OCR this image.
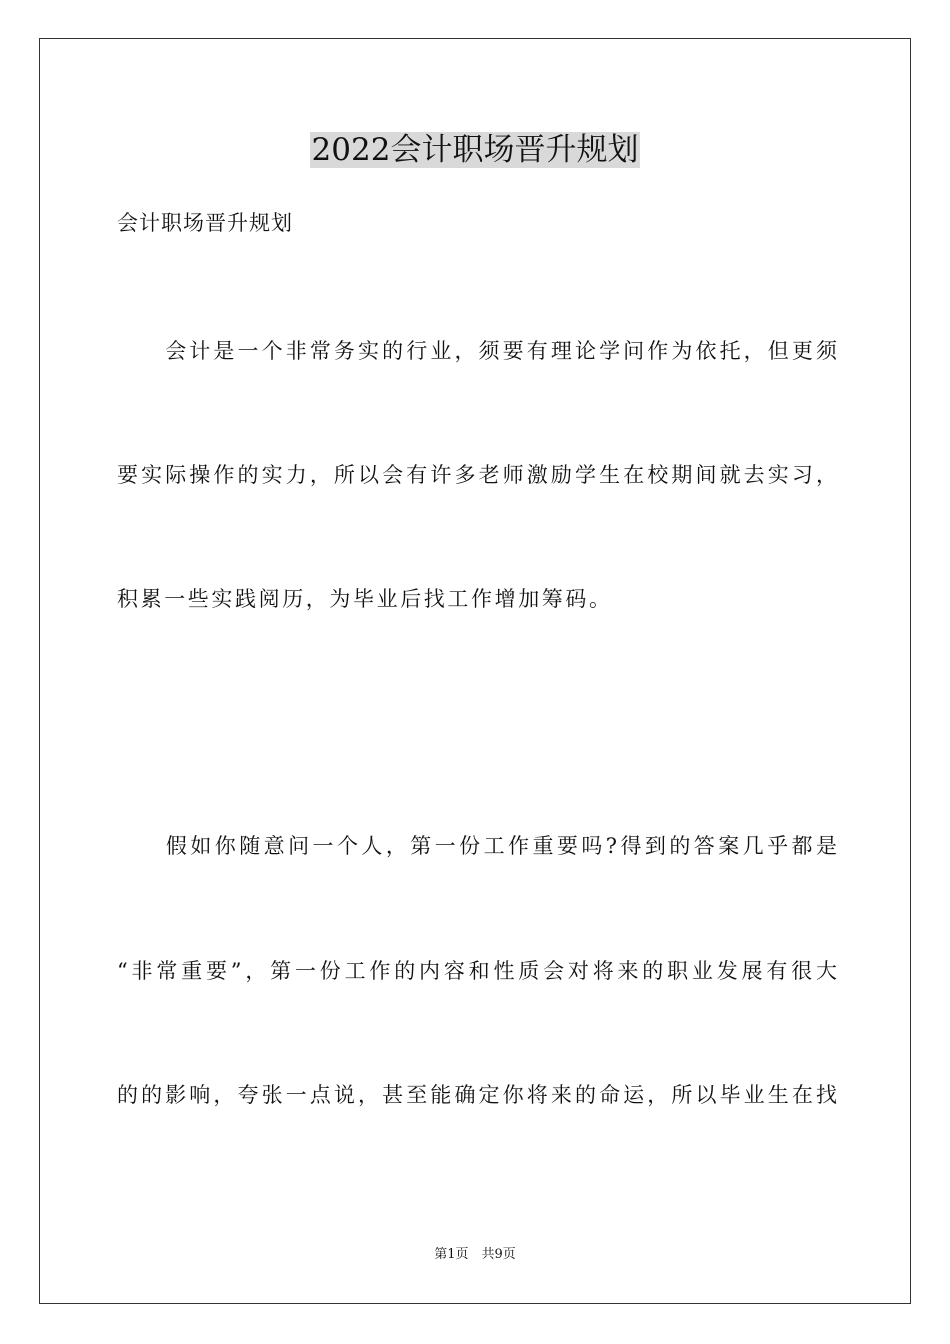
2022会计职场晋升规划

会计职场晋升规划

　　会计是一个非常务实的行业，须要有理论学问作为依托，但更须

要实际操作的实力，所以会有许多老师激励学生在校期间就去实习，

积累一些实践阅历，为毕业后找工作增加筹码。

　　假如你随意问一个人，第一份工作重要吗?得到的答案几乎都是

“非常重要”，第一份工作的内容和性质会对将来的职业发展有很大

的的影响，夸张一点说，甚至能确定你将来的命运，所以毕业生在找

第1页　共9页
